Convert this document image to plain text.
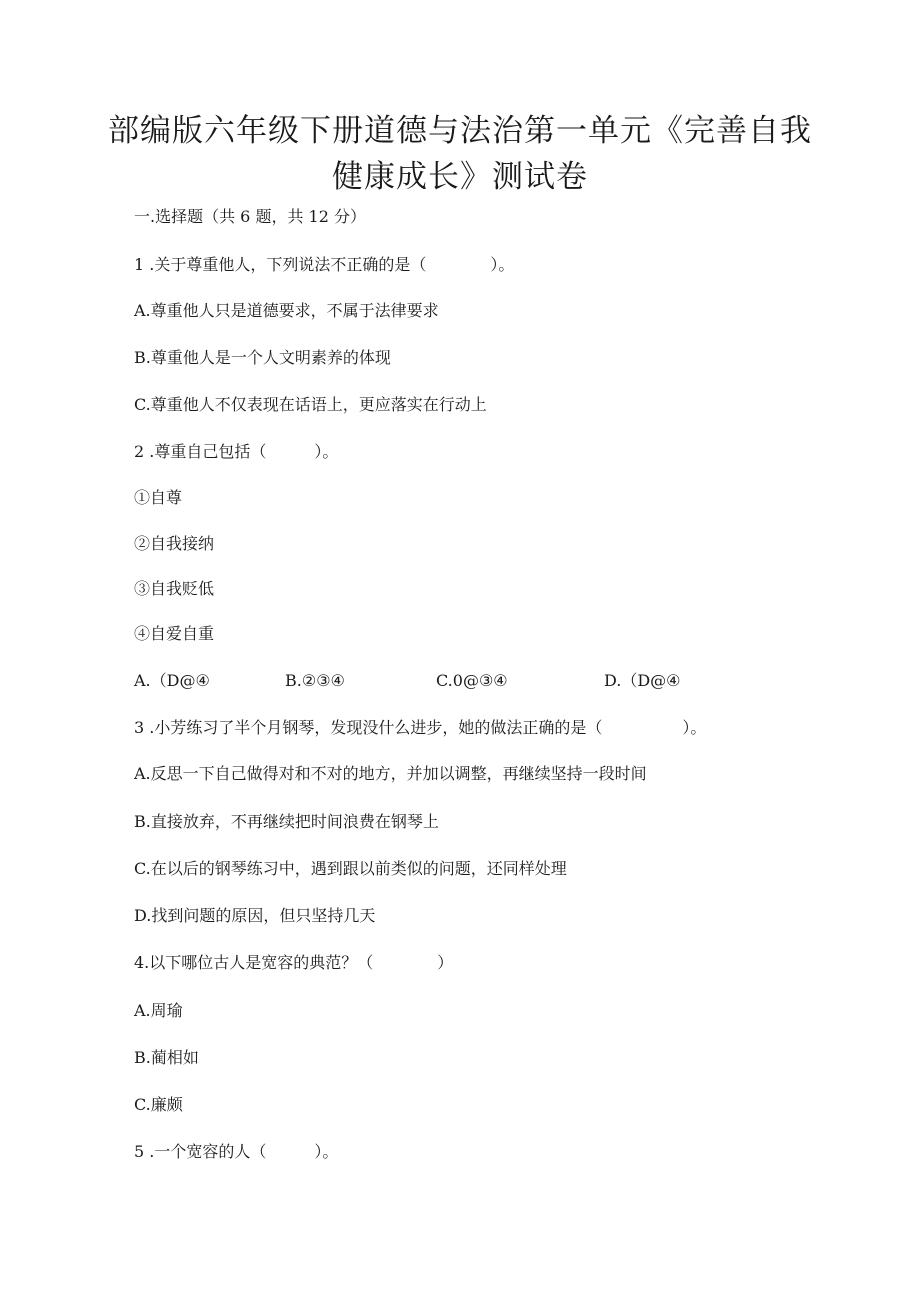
部编版六年级下册道德与法治第一单元《完善自我
健康成长》测试卷

一.选择题（共 6 题，共 12 分）

1 .关于尊重他人，下列说法不正确的是（　　　　）。

A.尊重他人只是道德要求，不属于法律要求

B.尊重他人是一个人文明素养的体现

C.尊重他人不仅表现在话语上，更应落实在行动上

2 .尊重自己包括（　　　）。

①自尊

②自我接纳

③自我贬低

④自爱自重

A.（D@④	B.②③④	C.0@③④	D.（D@④

3 .小芳练习了半个月钢琴，发现没什么进步，她的做法正确的是（　　　　　）。

A.反思一下自己做得对和不对的地方，并加以调整，再继续坚持一段时间

B.直接放弃，不再继续把时间浪费在钢琴上

C.在以后的钢琴练习中，遇到跟以前类似的问题，还同样处理

D.找到问题的原因，但只坚持几天

4.以下哪位古人是宽容的典范？（　　　　）

A.周瑜

B.蔺相如

C.廉颇

5 .一个宽容的人（　　　）。
